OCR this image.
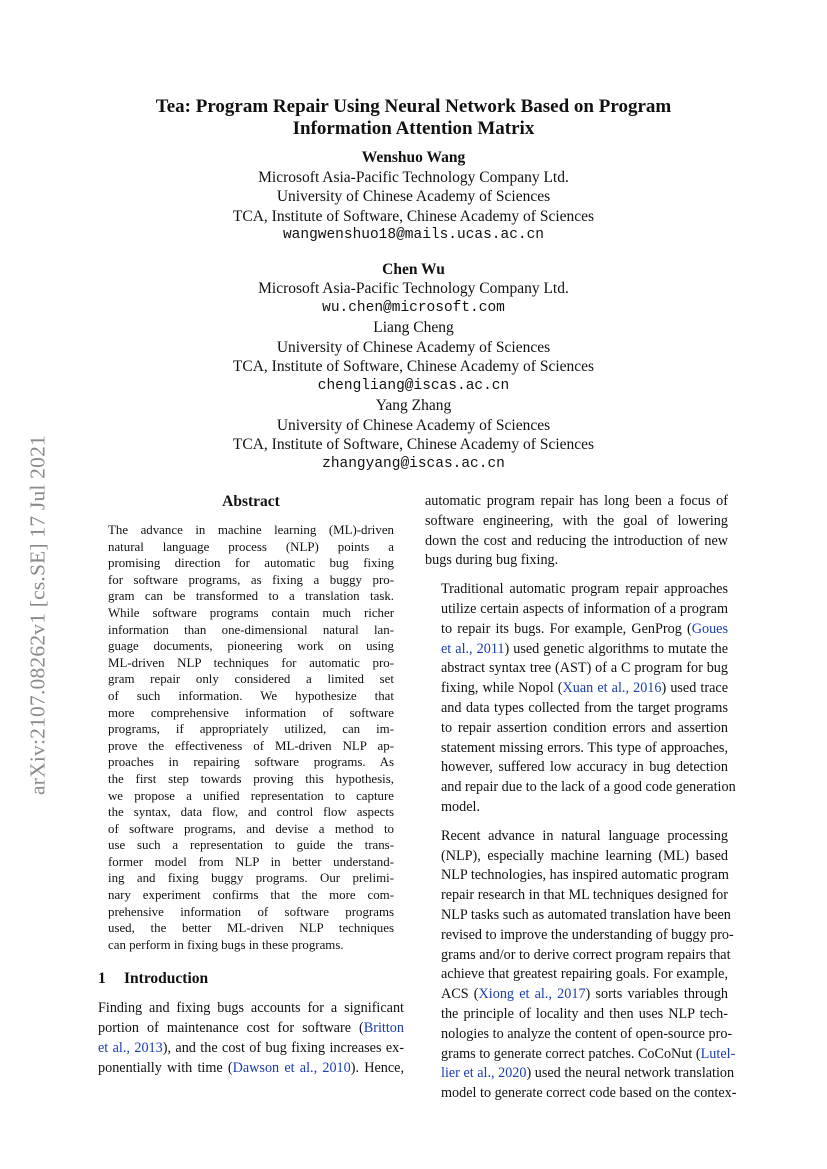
arXiv:2107.08262v1 [cs.SE] 17 Jul 2021
Tea: Program Repair Using Neural Network Based on Program
Information Attention Matrix
Wenshuo Wang
Microsoft Asia-Pacific Technology Company Ltd.
University of Chinese Academy of Sciences
TCA, Institute of Software, Chinese Academy of Sciences
wangwenshuo18@mails.ucas.ac.cn
Chen Wu
Microsoft Asia-Pacific Technology Company Ltd.
wu.chen@microsoft.com
Liang Cheng
University of Chinese Academy of Sciences
TCA, Institute of Software, Chinese Academy of Sciences
chengliang@iscas.ac.cn
Yang Zhang
University of Chinese Academy of Sciences
TCA, Institute of Software, Chinese Academy of Sciences
zhangyang@iscas.ac.cn
Abstract
The advance in machine learning (ML)-driven
natural language process (NLP) points a
promising direction for automatic bug fixing
for software programs, as fixing a buggy pro-
gram can be transformed to a translation task.
While software programs contain much richer
information than one-dimensional natural lan-
guage documents, pioneering work on using
ML-driven NLP techniques for automatic pro-
gram repair only considered a limited set
of such information. We hypothesize that
more comprehensive information of software
programs, if appropriately utilized, can im-
prove the effectiveness of ML-driven NLP ap-
proaches in repairing software programs. As
the first step towards proving this hypothesis,
we propose a unified representation to capture
the syntax, data flow, and control flow aspects
of software programs, and devise a method to
use such a representation to guide the trans-
former model from NLP in better understand-
ing and fixing buggy programs. Our prelimi-
nary experiment confirms that the more com-
prehensive information of software programs
used, the better ML-driven NLP techniques
can perform in fixing bugs in these programs.
1 Introduction
Finding and fixing bugs accounts for a significant
portion of maintenance cost for software (Britton
et al., 2013), and the cost of bug fixing increases ex-
ponentially with time (Dawson et al., 2010). Hence,
automatic program repair has long been a focus of
software engineering, with the goal of lowering
down the cost and reducing the introduction of new
bugs during bug fixing.
Traditional automatic program repair approaches
utilize certain aspects of information of a program
to repair its bugs. For example, GenProg (Goues
et al., 2011) used genetic algorithms to mutate the
abstract syntax tree (AST) of a C program for bug
fixing, while Nopol (Xuan et al., 2016) used trace
and data types collected from the target programs
to repair assertion condition errors and assertion
statement missing errors. This type of approaches,
however, suffered low accuracy in bug detection
and repair due to the lack of a good code generation
model.
Recent advance in natural language processing
(NLP), especially machine learning (ML) based
NLP technologies, has inspired automatic program
repair research in that ML techniques designed for
NLP tasks such as automated translation have been
revised to improve the understanding of buggy pro-
grams and/or to derive correct program repairs that
achieve that greatest repairing goals. For example,
ACS (Xiong et al., 2017) sorts variables through
the principle of locality and then uses NLP tech-
nologies to analyze the content of open-source pro-
grams to generate correct patches. CoCoNut (Lutel-
lier et al., 2020) used the neural network translation
model to generate correct code based on the contex-
